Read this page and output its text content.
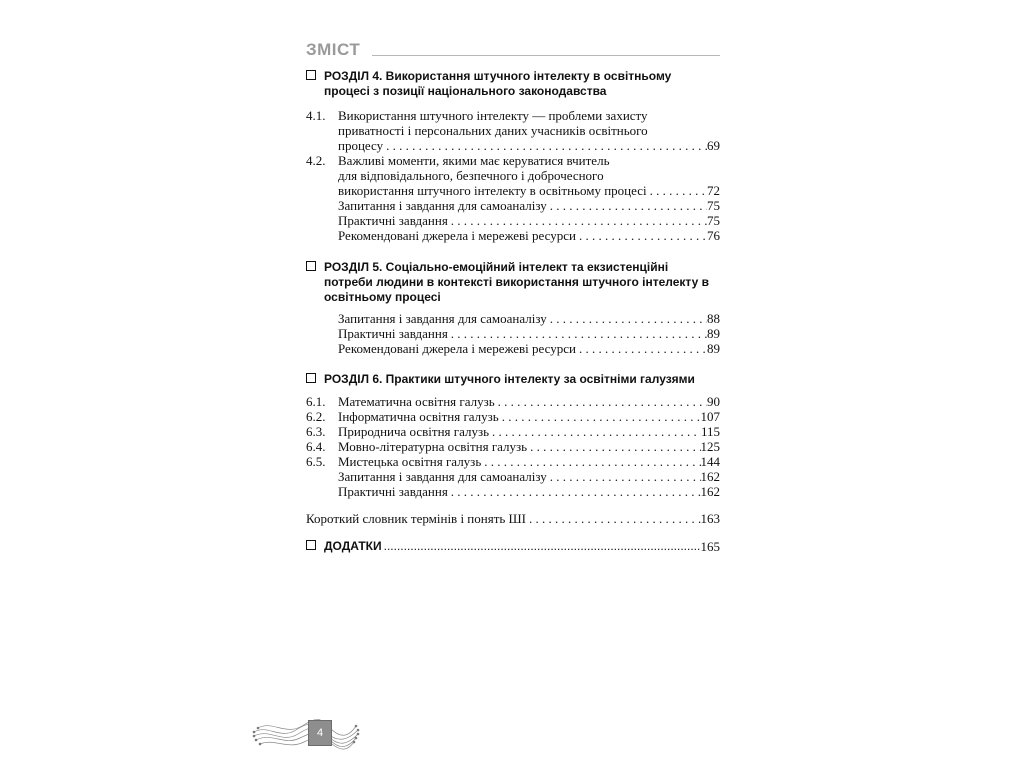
ЗМІСТ
РОЗДІЛ 4. Використання штучного інтелекту в освітньому процесі з позиції національного законодавства
4.1. Використання штучного інтелекту — проблеми захисту
приватності і персональних даних учасників освітнього
процесу . . .	69
4.2. Важливі моменти, якими має керуватися вчитель
для відповідального, безпечного і доброчесного
використання штучного інтелекту в освітньому процесі . . .	72
Запитання і завдання для самоаналізу . . .	75
Практичні завдання . . .	75
Рекомендовані джерела і мережеві ресурси . . .	76
РОЗДІЛ 5. Соціально-емоційний інтелект та екзистенційні потреби людини в контексті використання штучного інтелекту в освітньому процесі
Запитання і завдання для самоаналізу . . .	88
Практичні завдання . . .	89
Рекомендовані джерела і мережеві ресурси . . .	89
РОЗДІЛ 6. Практики штучного інтелекту за освітніми галузями
6.1. Математична освітня галузь . . .	90
6.2. Інформатична освітня галузь . . .	107
6.3. Природнича освітня галузь . . .	115
6.4. Мовно-літературна освітня галузь . . .	125
6.5. Мистецька освітня галузь . . .	144
Запитання і завдання для самоаналізу . . .	162
Практичні завдання . . .	162
Короткий словник термінів і понять ШІ . . .	163
ДОДАТКИ .....	165
4
